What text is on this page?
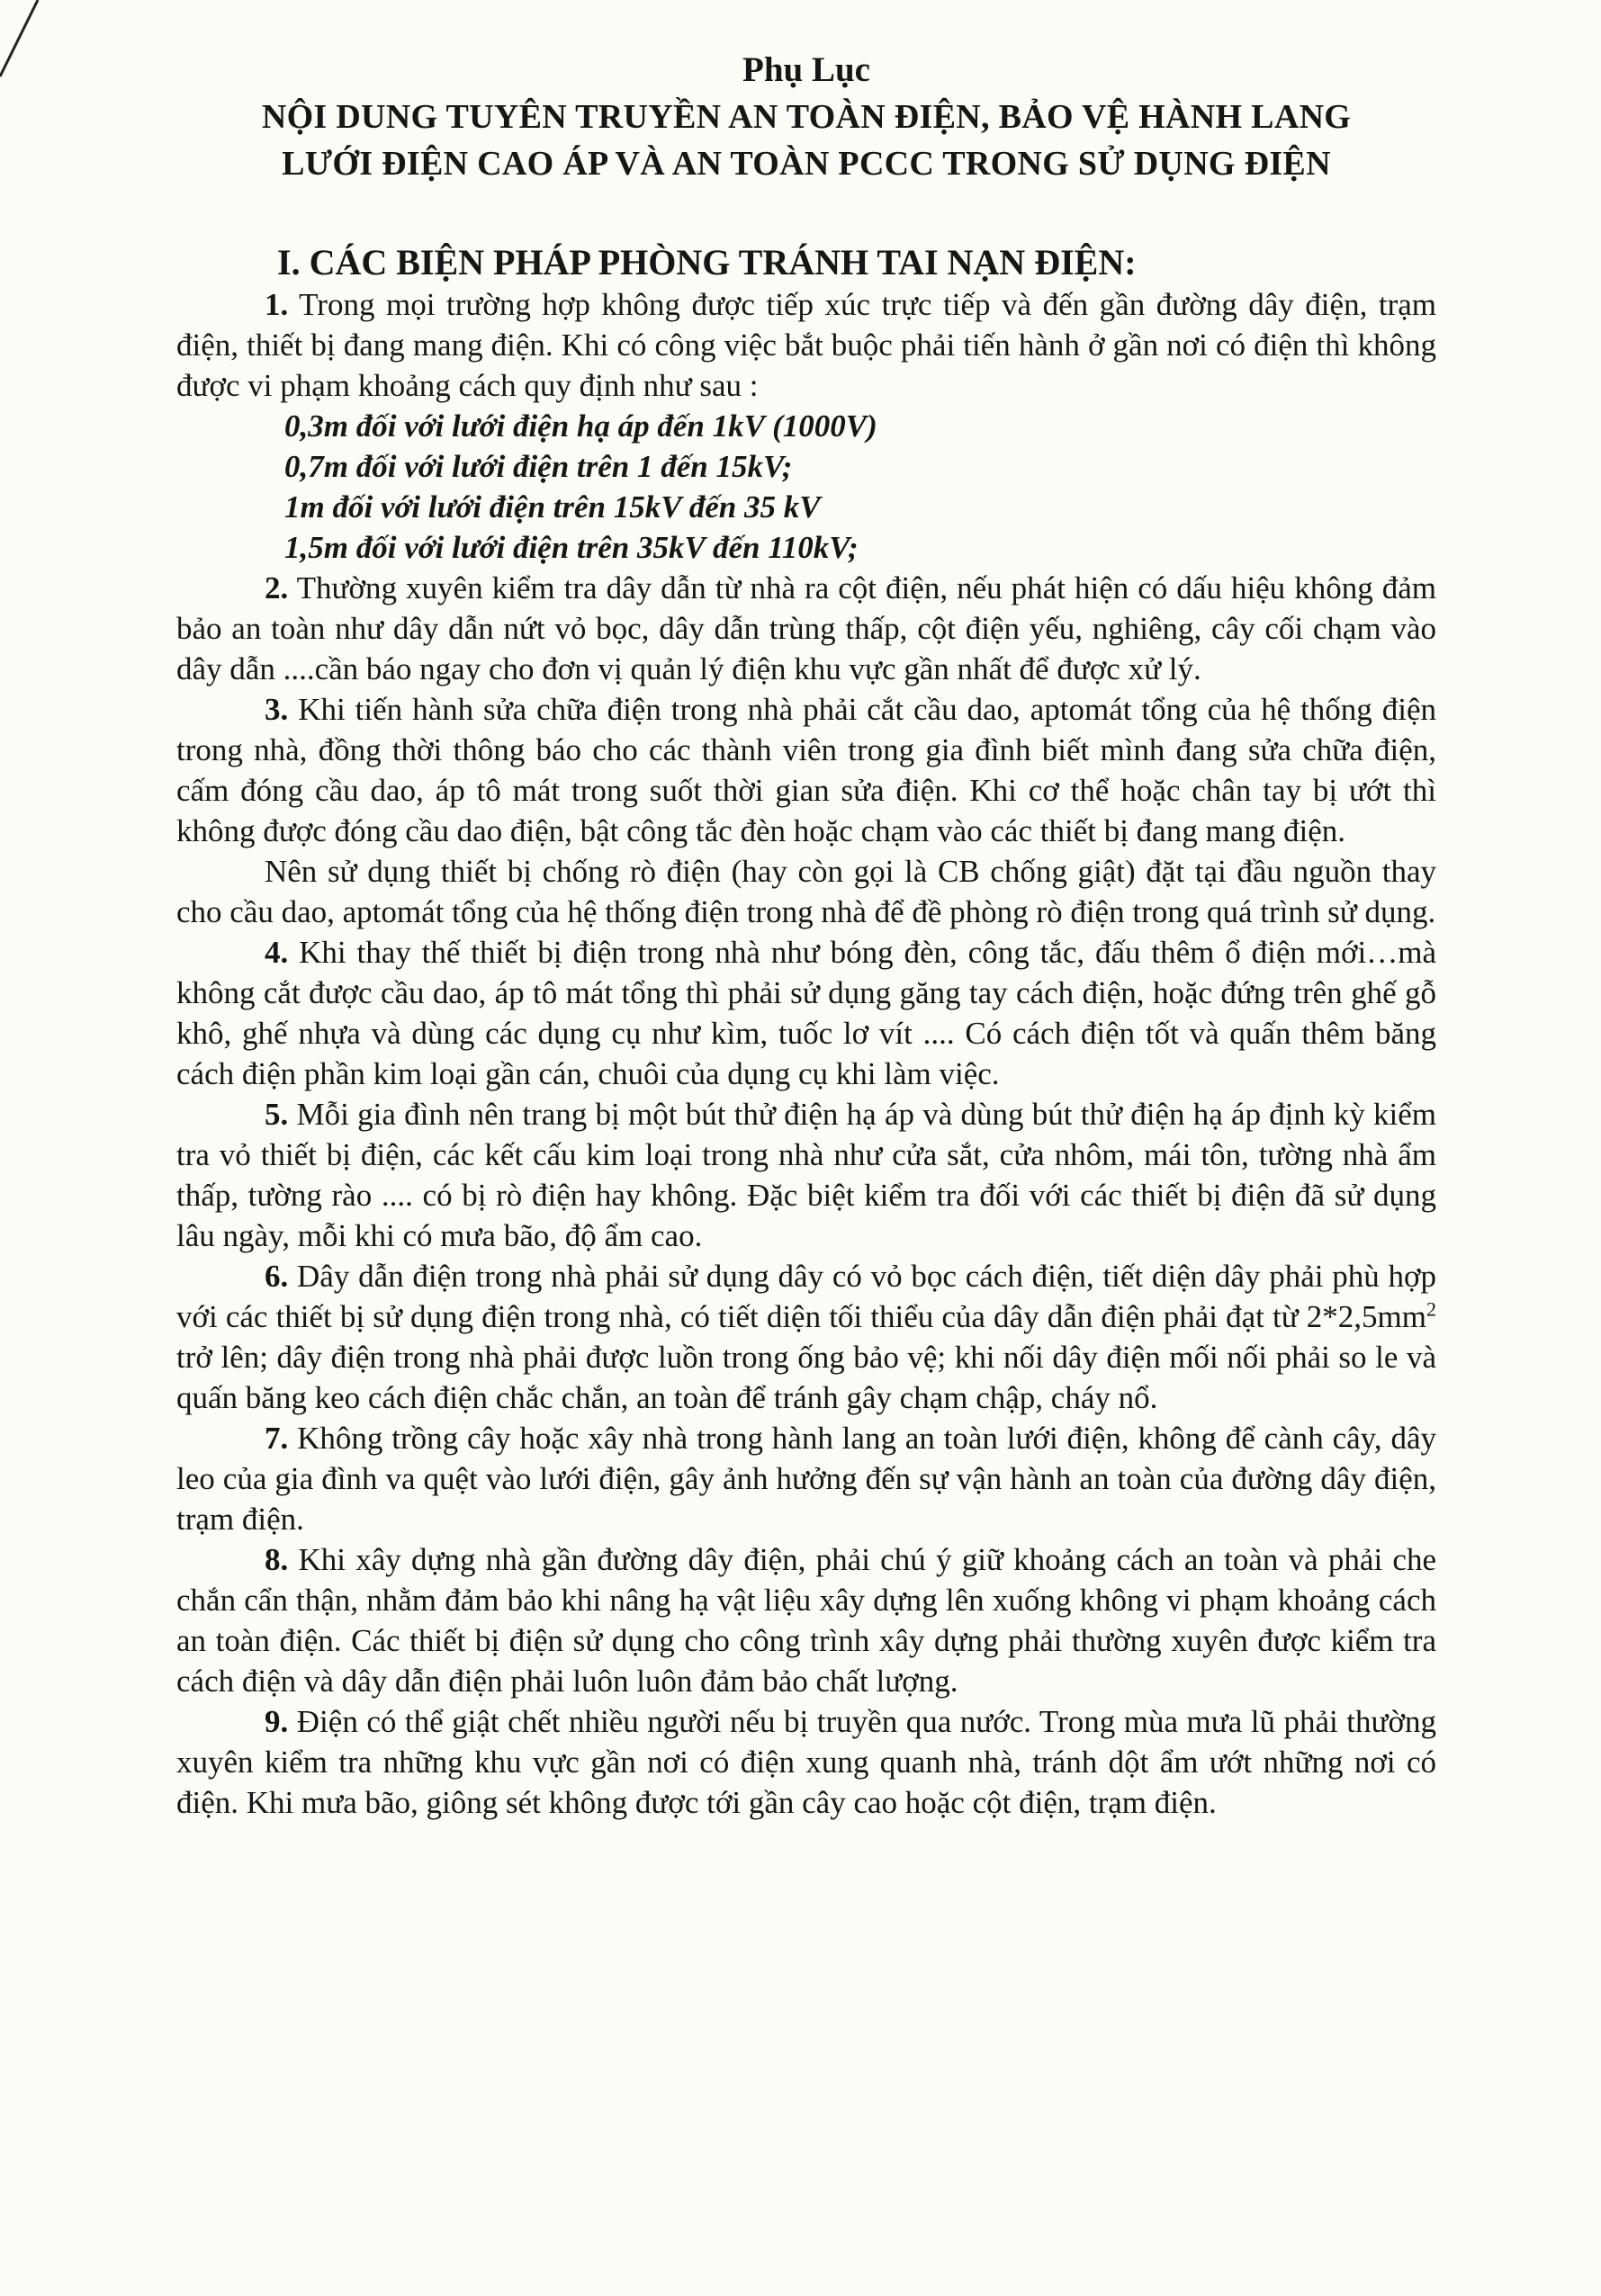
Phụ Lục
NỘI DUNG TUYÊN TRUYỀN AN TOÀN ĐIỆN, BẢO VỆ HÀNH LANG
LƯỚI ĐIỆN CAO ÁP VÀ AN TOÀN PCCC TRONG SỬ DỤNG ĐIỆN
I. CÁC BIỆN PHÁP PHÒNG TRÁNH TAI NẠN ĐIỆN:

1. Trong mọi trường hợp không được tiếp xúc trực tiếp và đến gần đường dây điện, trạm điện, thiết bị đang mang điện. Khi có công việc bắt buộc phải tiến hành ở gần nơi có điện thì không được vi phạm khoảng cách quy định như sau :

0,3m đối với lưới điện hạ áp đến 1kV (1000V)
0,7m đối với lưới điện trên 1 đến 15kV;
1m đối với lưới điện trên 15kV đến 35 kV
1,5m đối với lưới điện trên 35kV đến 110kV;

2. Thường xuyên kiểm tra dây dẫn từ nhà ra cột điện, nếu phát hiện có dấu hiệu không đảm bảo an toàn như dây dẫn nứt vỏ bọc, dây dẫn trùng thấp, cột điện yếu, nghiêng, cây cối chạm vào dây dẫn ....cần báo ngay cho đơn vị quản lý điện khu vực gần nhất để được xử lý.

3. Khi tiến hành sửa chữa điện trong nhà phải cắt cầu dao, aptomát tổng của hệ thống điện trong nhà, đồng thời thông báo cho các thành viên trong gia đình biết mình đang sửa chữa điện, cấm đóng cầu dao, áp tô mát trong suốt thời gian sửa điện. Khi cơ thể hoặc chân tay bị ướt thì không được đóng cầu dao điện, bật công tắc đèn hoặc chạm vào các thiết bị đang mang điện.

Nên sử dụng thiết bị chống rò điện (hay còn gọi là CB chống giật) đặt tại đầu nguồn thay cho cầu dao, aptomát tổng của hệ thống điện trong nhà để đề phòng rò điện trong quá trình sử dụng.

4. Khi thay thế thiết bị điện trong nhà như bóng đèn, công tắc, đấu thêm ổ điện mới…mà không cắt được cầu dao, áp tô mát tổng thì phải sử dụng găng tay cách điện, hoặc đứng trên ghế gỗ khô, ghế nhựa và dùng các dụng cụ như kìm, tuốc lơ vít .... Có cách điện tốt và quấn thêm băng cách điện phần kim loại gần cán, chuôi của dụng cụ khi làm việc.

5. Mỗi gia đình nên trang bị một bút thử điện hạ áp và dùng bút thử điện hạ áp định kỳ kiểm tra vỏ thiết bị điện, các kết cấu kim loại trong nhà như cửa sắt, cửa nhôm, mái tôn, tường nhà ẩm thấp, tường rào .... có bị rò điện hay không. Đặc biệt kiểm tra đối với các thiết bị điện đã sử dụng lâu ngày, mỗi khi có mưa bão, độ ẩm cao.

6. Dây dẫn điện trong nhà phải sử dụng dây có vỏ bọc cách điện, tiết diện dây phải phù hợp với các thiết bị sử dụng điện trong nhà, có tiết diện tối thiểu của dây dẫn điện phải đạt từ $2*2,5mm^2$ trở lên; dây điện trong nhà phải được luồn trong ống bảo vệ; khi nối dây điện mối nối phải so le và quấn băng keo cách điện chắc chắn, an toàn để tránh gây chạm chập, cháy nổ.

7. Không trồng cây hoặc xây nhà trong hành lang an toàn lưới điện, không để cành cây, dây leo của gia đình va quệt vào lưới điện, gây ảnh hưởng đến sự vận hành an toàn của đường dây điện, trạm điện.

8. Khi xây dựng nhà gần đường dây điện, phải chú ý giữ khoảng cách an toàn và phải che chắn cẩn thận, nhằm đảm bảo khi nâng hạ vật liệu xây dựng lên xuống không vi phạm khoảng cách an toàn điện. Các thiết bị điện sử dụng cho công trình xây dựng phải thường xuyên được kiểm tra cách điện và dây dẫn điện phải luôn luôn đảm bảo chất lượng.

9. Điện có thể giật chết nhiều người nếu bị truyền qua nước. Trong mùa mưa lũ phải thường xuyên kiểm tra những khu vực gần nơi có điện xung quanh nhà, tránh dột ẩm ướt những nơi có điện. Khi mưa bão, giông sét không được tới gần cây cao hoặc cột điện, trạm điện.
